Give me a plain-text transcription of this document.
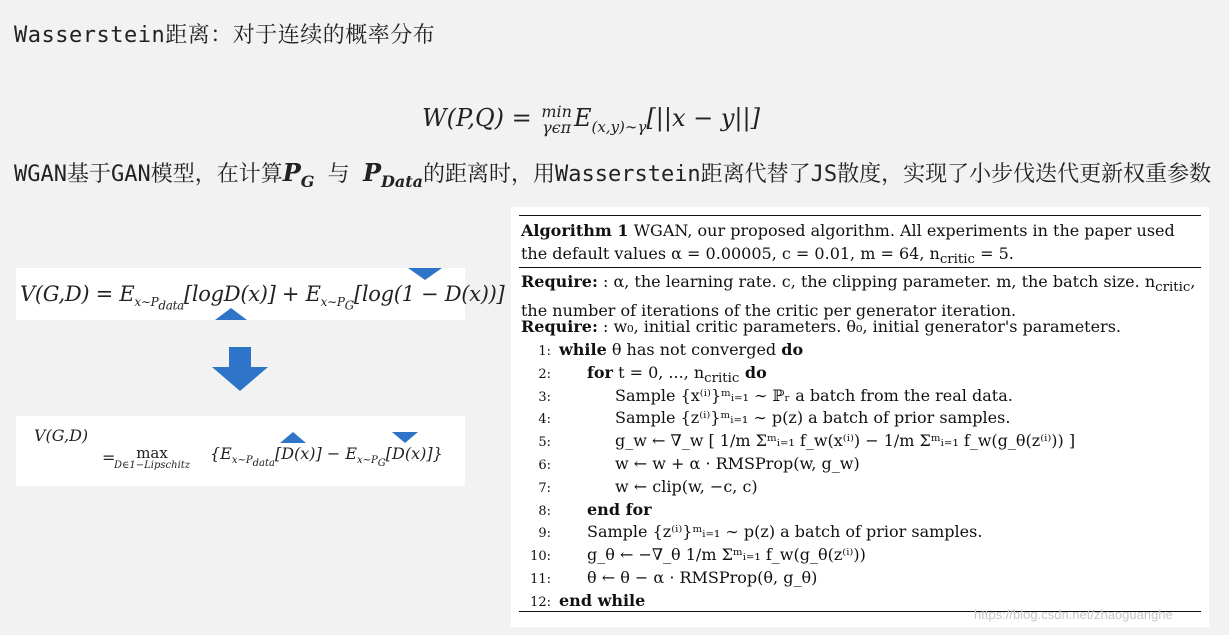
Wasserstein距离：对于连续的概率分布
W(P,Q) = min
γϵπ $E_{(x,y)\sim\gamma}[||x - y||]$
WGAN基于GAN模型，在计算$P_G$ 与 $P_{Data}$的距离时，用Wasserstein距离代替了JS散度，实现了小步伐迭代更新权重参数
$V(G,D) = E_{x\sim P_{data}}[\log D(x)] + E_{x\sim P_G}[\log(1 - D(x))]$
V(G,D)
=	max
D∈1−Lipschitz
$\{E_{x\sim P_{data}}[D(x)] - E_{x\sim P_G}[D(x)]\}$
Algorithm 1 WGAN, our proposed algorithm. All experiments in the paper used the default values α = 0.00005, c = 0.01, m = 64, $n_{critic} = 5$.
Require: : α, the learning rate. c, the clipping parameter. m, the batch size. $n_{critic}$, the number of iterations of the critic per generator iteration.
Require: : w₀, initial critic parameters. θ₀, initial generator's parameters.
1: while θ has not converged do
2: for t = 0, ..., $n_{critic}$ do
3:	Sample {x⁽ⁱ⁾}ᵐᵢ₌₁ ∼ ℙᵣ a batch from the real data.
4:	Sample {z⁽ⁱ⁾}ᵐᵢ₌₁ ∼ p(z) a batch of prior samples.
5:	g_w ← ∇_w [ 1/m Σᵐᵢ₌₁ f_w(x⁽ⁱ⁾) − 1/m Σᵐᵢ₌₁ f_w(g_θ(z⁽ⁱ⁾)) ]
6:	w ← w + α · RMSProp(w, g_w)
7:	w ← clip(w, −c, c)
8: end for
9: Sample {z⁽ⁱ⁾}ᵐᵢ₌₁ ∼ p(z) a batch of prior samples.
10: g_θ ← −∇_θ 1/m Σᵐᵢ₌₁ f_w(g_θ(z⁽ⁱ⁾))
11: θ ← θ − α · RMSProp(θ, g_θ)
12: end while
https://blog.csdn.net/zhaoguanghe
